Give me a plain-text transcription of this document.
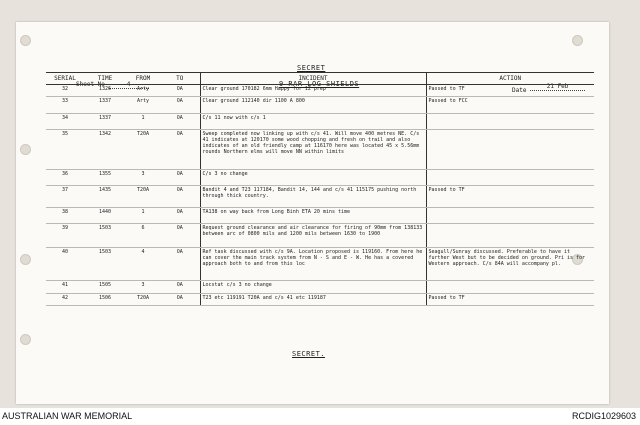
SECRET
9 RAR LOG SHIELDS
Sheet No	4
Date 21 Feb
SERIAL	TIME	FROM	TO	INCIDENT	ACTION
32	1326	Arty	OA	Clear ground 170182 6mm Happy for 12 prep	Passed to TF
33	1337	Arty	OA	Clear ground 112140 dir 1100 A 800	Passed to FCC
34	1337	1	OA	C/s 11 now with c/s 1	
35	1342	T20A	OA	Sweep completed now linking up with c/s 41. Will move 400 metres NE. C/s 41 indicates at 120170 some wood chopping and fresh on trail and also indicates of an old friendly camp at 116170 here was located 45 x 5.56mm rounds Northern elms will move NN within limits	
36	1355	3	OA	C/s 3 no change	
37	1435	T20A	OA	Bandit 4 and T23 117184, Bandit 14, 144 and c/s 41 115175 pushing north through thick country.	Passed to TF
38	1440	1	OA	TA138 on way back from Long Binh ETA 20 mins time	
39	1503	6	OA	Request ground clearance and air clearance for firing of 90mm from 138133 between arc of 0800 mils and 1200 mils between 1630 to 1900	
40	1503	4	OA	Ref task discussed with c/s 9A. Location proposed is 119160. From here he can cover the main track system from N - S and E - W. He has a covered approach both to and from this loc	Seagull/Sunray discussed. Preferable to have it further West but to be decided on ground. Pri is for Western approach. C/s 84A will accompany pl.
41	1505	3	OA	Locstat c/s 3 no change	
42	1506	T20A	OA	T23 etc 119191 T20A and c/s 41 etc 119187	Passed to TF
SECRET.
AUSTRALIAN WAR MEMORIAL	RCDIG1029603
